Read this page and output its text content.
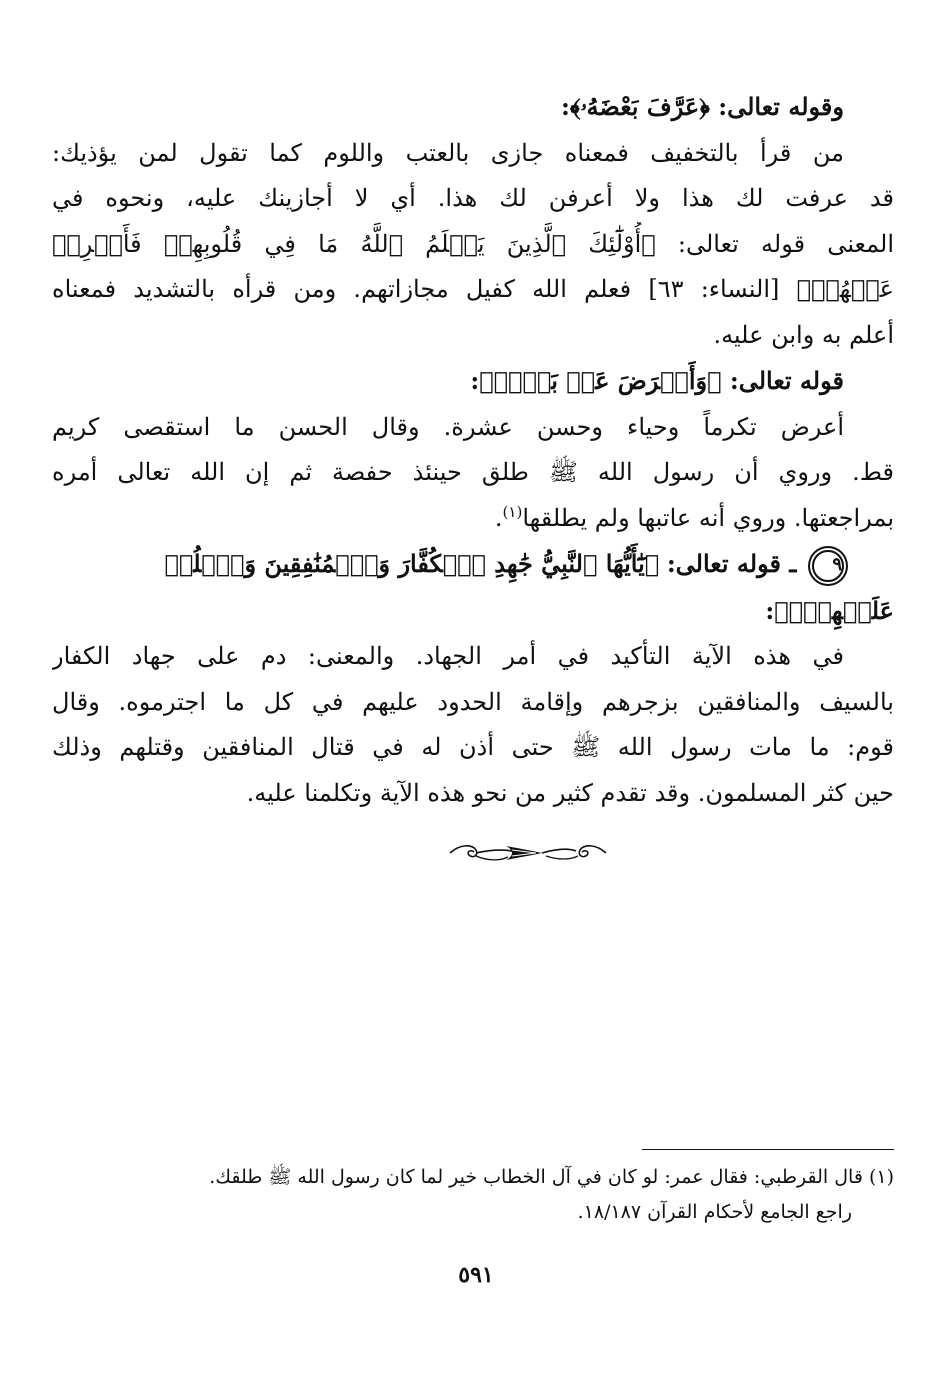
وقوله تعالى: ﴿عَرَّفَ بَعْضَهُۥ﴾:
من قرأ بالتخفيف فمعناه جازى بالعتب واللوم كما تقول لمن يؤذيك:
قد عرفت لك هذا ولا أعرفن لك هذا. أي لا أجازينك عليه، ونحوه في
المعنى قوله تعالى: ﴿أُوْلَٰٓئِكَ ٱلَّذِينَ يَعۡلَمُ ٱللَّهُ مَا فِي قُلُوبِهِمۡ فَأَعۡرِضۡ
عَنۡهُمۡ﴾ [النساء: ٦٣] فعلم الله كفيل مجازاتهم. ومن قرأه بالتشديد فمعناه
أعلم به وابن عليه.
قوله تعالى: ﴿وَأَعۡرَضَ عَنۢ بَعۡضٖ﴾:
أعرض تكرماً وحياء وحسن عشرة. وقال الحسن ما استقصى كريم
قط. وروي أن رسول الله ﷺ طلق حينئذ حفصة ثم إن الله تعالى أمره
بمراجعتها. وروي أنه عاتبها ولم يطلقها$^{(١)}$.
٩ ـ قوله تعالى: ﴿يَٰٓأَيُّهَا ٱلنَّبِيُّ جَٰهِدِ ٱلۡكُفَّارَ وَٱلۡمُنَٰفِقِينَ وَٱغۡلُظۡ
عَلَيۡهِمۡۚ﴾:
في هذه الآية التأكيد في أمر الجهاد. والمعنى: دم على جهاد الكفار
بالسيف والمنافقين بزجرهم وإقامة الحدود عليهم في كل ما اجترموه. وقال
قوم: ما مات رسول الله ﷺ حتى أذن له في قتال المنافقين وقتلهم وذلك
حين كثر المسلمون. وقد تقدم كثير من نحو هذه الآية وتكلمنا عليه.
(١) قال القرطبي: فقال عمر: لو كان في آل الخطاب خير لما كان رسول الله ﷺ طلقك.
راجع الجامع لأحكام القرآن ١٨/١٨٧.
٥٩١
